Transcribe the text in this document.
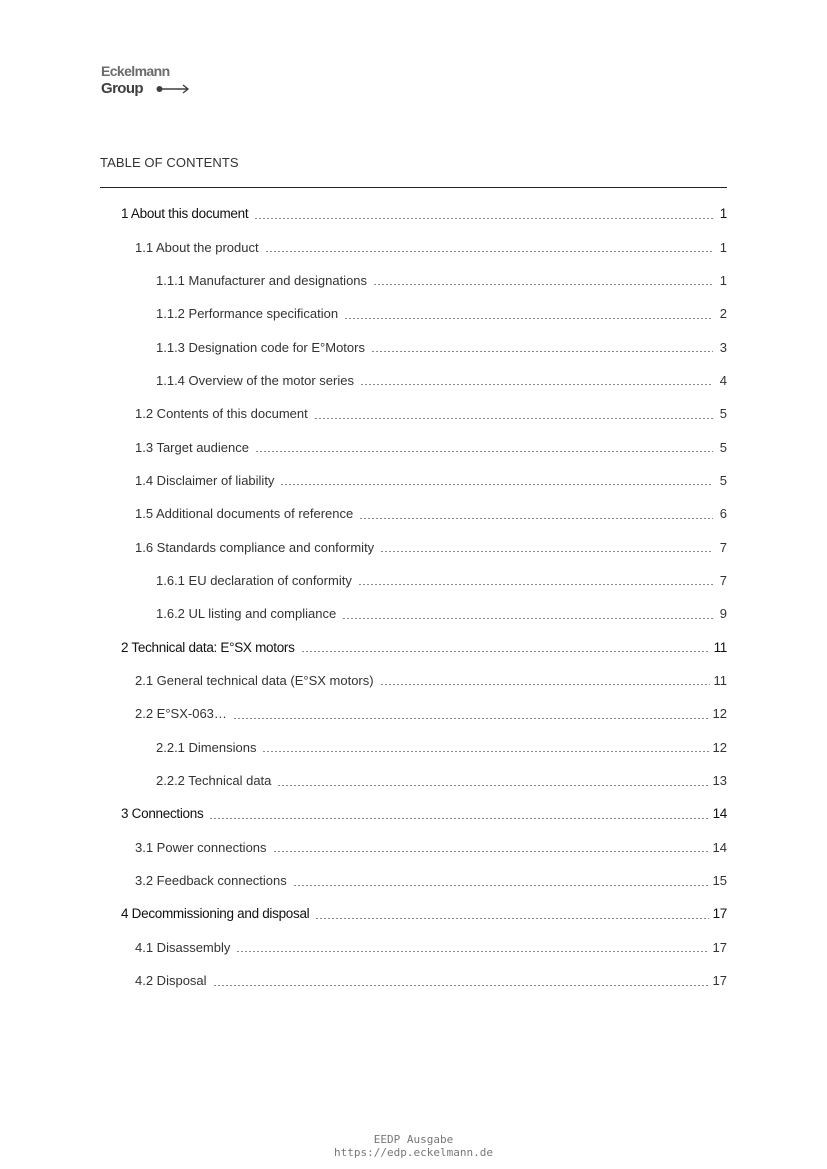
Eckelmann
Group
TABLE OF CONTENTS
1 About this document	1
1.1 About the product	1
1.1.1 Manufacturer and designations	1
1.1.2 Performance specification	2
1.1.3 Designation code for E°Motors	3
1.1.4 Overview of the motor series	4
1.2 Contents of this document	5
1.3 Target audience	5
1.4 Disclaimer of liability	5
1.5 Additional documents of reference	6
1.6 Standards compliance and conformity	7
1.6.1 EU declaration of conformity	7
1.6.2 UL listing and compliance	9
2 Technical data: E°SX motors	11
2.1 General technical data (E°SX motors)	11
2.2 E°SX-063…	12
2.2.1 Dimensions	12
2.2.2 Technical data	13
3 Connections	14
3.1 Power connections	14
3.2 Feedback connections	15
4 Decommissioning and disposal	17
4.1 Disassembly	17
4.2 Disposal	17
EEDP Ausgabe
https://edp.eckelmann.de
